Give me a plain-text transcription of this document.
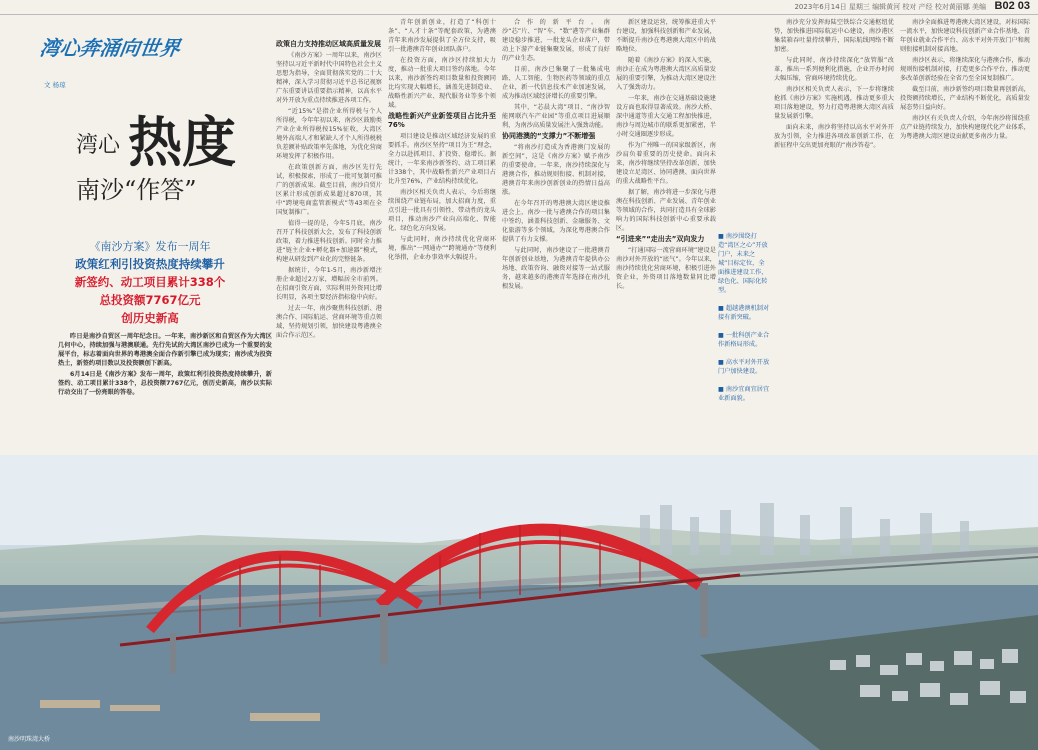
2023年6月14日 星期三 编辑黄河 校对 产经 校对黄丽娜 美编 B02 03
湾心奔涌向世界
文 杨琼
热度
湾心
南沙“作答”
《南沙方案》发布一周年
政策红利引投资热度持续攀升
新签约、动工项目累计338个
总投资额7767亿元
创历史新高

昨日是南沙自贸区一周年纪念日。一年来，南沙新区和自贸区作为大湾区几何中心，持续加强与港澳联通。先行先试的大湾区南沙已成为一个重要的发展平台，标志着面向世界的粤港澳全面合作新引擎已成为现实；南沙成为投资热土，新签约项目数以及投资额创下新高。

6月14日是《南沙方案》发布一周年，政策红利引投资热度持续攀升，新签约、动工项目累计338个，总投资额7767亿元，创历史新高，南沙以实际行动交出了一份亮眼的答卷。

政策自力支持推动区域高质量发展

《南沙方案》一周年以来，南沙区坚持以习近平新时代中国特色社会主义思想为指导，全面贯彻落实党的二十大精神，深入学习贯彻习近平总书记视察广东重要讲话重要指示精神，以高水平对外开放为重点持续推进各项工作。

“近15%”是指企业所得税与个人所得税，今年年初以来，南沙区鼓励类产业企业所得税按15%征收，大湾区境外高端人才和紧缺人才个人所得税税负差额补贴政策率先落地，为优化营商环境发挥了积极作用。

在政策创新方面，南沙区先行先试，积极探索，形成了一批可复制可推广的创新成果。截至目前，南沙自贸片区累计形成创新成果超过870项，其中“跨境电商监管新模式”等43项在全国复制推广。

值得一提的是，今年5月底，南沙召开了科技创新大会，发布了科技创新政策，着力推进科技创新。同时全力推进“链主企业+孵化器+加速器”模式，构建从研发到产业化的完整链条。

据统计，今年1-5月，南沙新增注册企业超过2万家，增幅居全市前列。在招商引资方面，实际利用外资同比增长明显，各项主要经济指标稳中向好。

过去一年，南沙聚焦科技创新、港澳合作、国际航运、营商环境等重点领域，坚持规划引领，加快建设粤港澳全面合作示范区。

青年创新创业，打造了“科创十条”、“人才十条”等配套政策，为港澳青年来南沙发展提供了全方位支持，吸引一批港澳青年创业团队落户。

在投资方面，南沙区持续加大力度，推动一批重大项目签约落地。今年以来，南沙新签约项目数量和投资额同比均实现大幅增长，涵盖先进制造业、战略性新兴产业、现代服务业等多个领域。

战略性新兴产业新签项目占比升至76%

项目建设是推动区域经济发展的重要抓手。南沙区坚持“项目为王”理念，全力以赴抓项目、扩投资、稳增长。据统计，一年来南沙新签约、动工项目累计338个，其中战略性新兴产业项目占比升至76%，产业结构持续优化。

南沙区相关负责人表示，今后将继续围绕产业链布局，加大招商力度，重点引进一批具有引领性、带动性的龙头项目，推动南沙产业向高端化、智能化、绿色化方向发展。

与此同时，南沙持续优化营商环境，推出“一网通办”“跨境通办”等便利化举措，企业办事效率大幅提升。

合作的新平台。南沙“芯”片、“智”车、“数”港等产业集群建设稳步推进，一批龙头企业落户，带动上下游产业链集聚发展，形成了良好的产业生态。

目前，南沙已集聚了一批集成电路、人工智能、生物医药等领域的重点企业，新一代信息技术产业加速发展，成为推动区域经济增长的重要引擎。

其中，“芯晨大湾”项目、“南沙智能网联汽车产业园”等重点项目进展顺利，为南沙高质量发展注入强劲动能。

协同港澳的“支撑力”不断增强

“将南沙打造成为香港澳门发展的新空间”，这是《南沙方案》赋予南沙的重要使命。一年来，南沙持续深化与港澳合作，推动规则衔接、机制对接，港澳青年来南沙创新创业的热情日益高涨。

在今年召开的粤港澳大湾区建设推进会上，南沙一批与港澳合作的项目集中签约，涵盖科技创新、金融服务、文化旅游等多个领域，为深化粤港澳合作提供了有力支撑。

与此同时，南沙建设了一批港澳青年创新创业基地，为港澳青年提供办公场地、政策咨询、融资对接等一站式服务，越来越多的港澳青年选择在南沙扎根发展。

新区建设运营，统筹推进重大平台建设，加强科技创新和产业发展，不断提升南沙在粤港澳大湾区中的战略地位。

随着《南沙方案》的深入实施，南沙正在成为粤港澳大湾区高质量发展的重要引擎，为推动大湾区建设注入了强劲动力。

一年来，南沙在交通基础设施建设方面也取得显著成效。南沙大桥、深中通道等重大交通工程加快推进，南沙与周边城市的联系更加紧密，半小时交通圈逐步形成。

作为广州唯一的国家级新区，南沙肩负着重要的历史使命。面向未来，南沙将继续坚持改革创新，加快建设立足湾区、协同港澳、面向世界的重大战略性平台。

据了解，南沙将进一步深化与港澳在科技创新、产业发展、青年创业等领域的合作，共同打造具有全球影响力的国际科技创新中心重要承载区。

“引进来”“走出去”双向发力

“打通国际一流营商环境”建设是南沙对外开放的“底气”。今年以来，南沙持续优化营商环境，积极引进外资企业，外资项目落地数量同比增长。

■ 南沙围绕打造“湾区之心”开放门户，未来之城”目标定位，全面推进建设工作，绿色化、国际化转型。
■ 超越港澳机制对接有新突破。
■ 一批科创产业合作新格局形成。
■ 高水平对外开放门户加快建设。
■ 南沙宜商宜居宜业新面貌。

南沙充分发挥海陆空铁综合交通枢纽优势，加快推进国际航运中心建设，南沙港区集装箱吞吐量持续攀升，国际航线网络不断加密。

与此同时，南沙持续深化“放管服”改革，推出一系列便利化措施，企业开办时间大幅压缩，营商环境持续优化。

南沙区相关负责人表示，下一步将继续抢抓《南沙方案》实施机遇，推动更多重大项目落地建设，努力打造粤港澳大湾区高质量发展新引擎。

面向未来，南沙将坚持以高水平对外开放为引领，全力推进各项改革创新工作，在新征程中交出更加亮眼的“南沙答卷”。

南沙全面推进粤港澳大湾区建设，对标国际一流水平，加快建设科技创新产业合作基地、青年创业就业合作平台、高水平对外开放门户和规则衔接机制对接高地。

南沙区表示，将继续深化与港澳合作，推动规则衔接机制对接，打造更多合作平台，推动更多改革创新经验在全省乃至全国复制推广。

截至目前，南沙新签约项目数量再创新高，投资额持续增长，产业结构不断优化，高质量发展态势日益向好。

南沙区有关负责人介绍，今年南沙将围绕重点产业链持续发力，加快构建现代化产业体系，为粤港澳大湾区建设贡献更多南沙力量。

南沙明珠湾大桥
